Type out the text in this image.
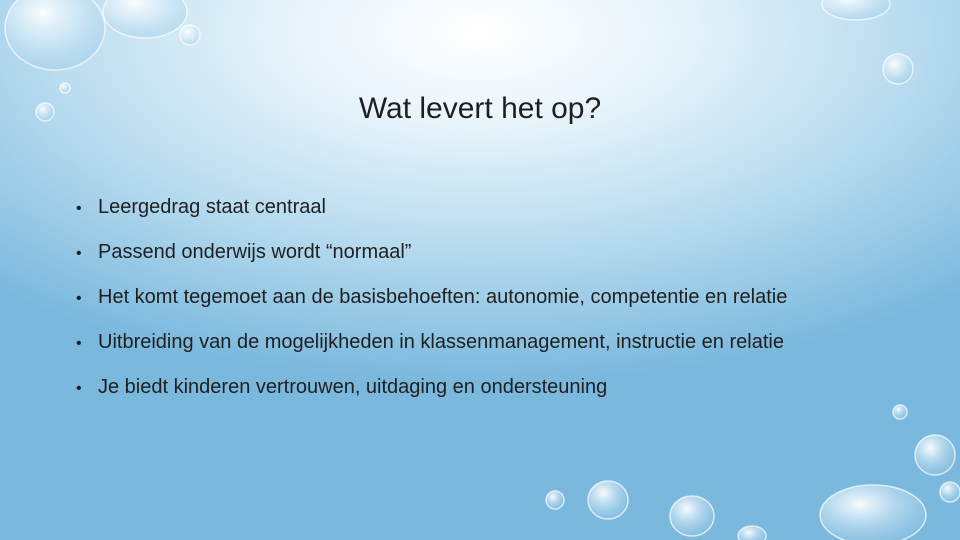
Wat levert het op?
• Leergedrag staat centraal
• Passend onderwijs wordt “normaal”
• Het komt tegemoet aan de basisbehoeften: autonomie, competentie en relatie
• Uitbreiding van de mogelijkheden in klassenmanagement, instructie en relatie
• Je biedt kinderen vertrouwen, uitdaging en ondersteuning
